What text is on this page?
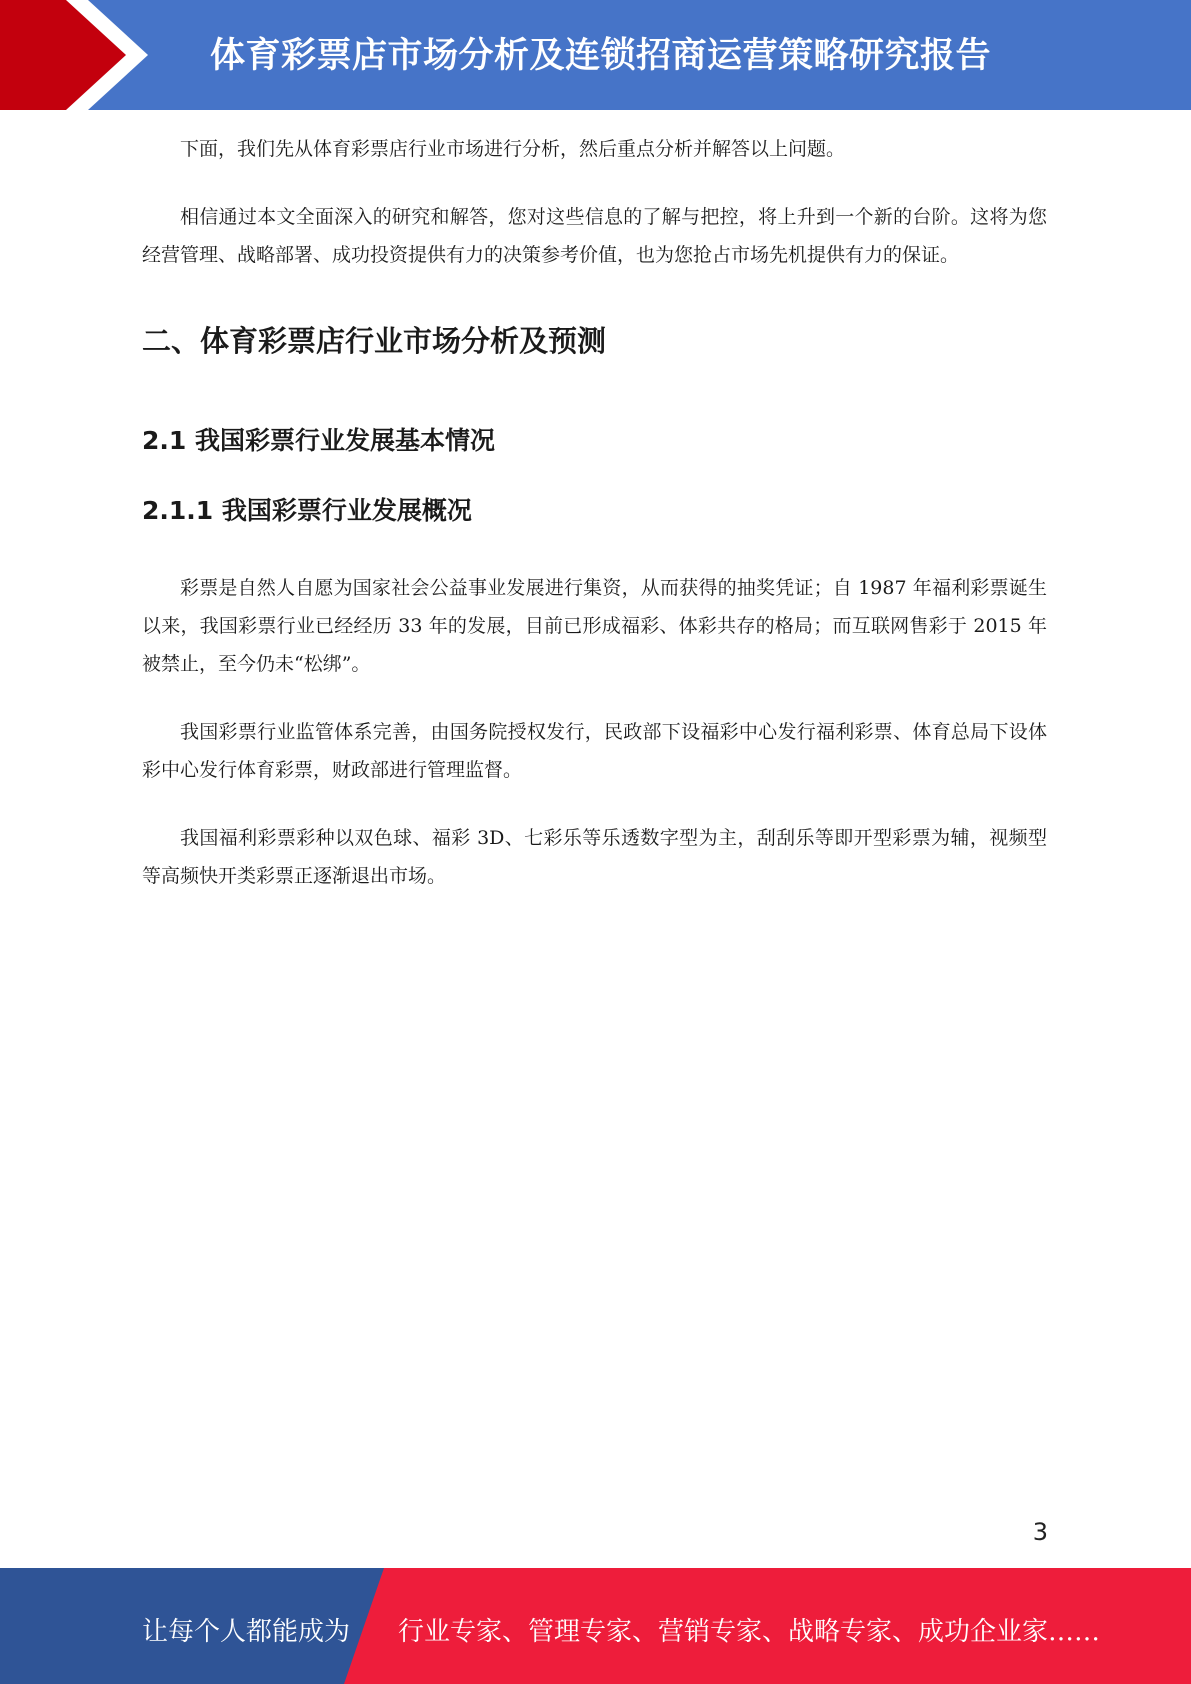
体育彩票店市场分析及连锁招商运营策略研究报告

下面，我们先从体育彩票店行业市场进行分析，然后重点分析并解答以上问题。

相信通过本文全面深入的研究和解答，您对这些信息的了解与把控，将上升到一个新的台阶。这将为您经营管理、战略部署、成功投资提供有力的决策参考价值，也为您抢占市场先机提供有力的保证。

二、体育彩票店行业市场分析及预测
2.1 我国彩票行业发展基本情况
2.1.1 我国彩票行业发展概况

彩票是自然人自愿为国家社会公益事业发展进行集资，从而获得的抽奖凭证；自 1987 年福利彩票诞生以来，我国彩票行业已经经历 33 年的发展，目前已形成福彩、体彩共存的格局；而互联网售彩于 2015 年被禁止，至今仍未“松绑”。

我国彩票行业监管体系完善，由国务院授权发行，民政部下设福彩中心发行福利彩票、体育总局下设体彩中心发行体育彩票，财政部进行管理监督。

我国福利彩票彩种以双色球、福彩 3D、七彩乐等乐透数字型为主，刮刮乐等即开型彩票为辅，视频型等高频快开类彩票正逐渐退出市场。

3
让每个人都能成为 行业专家、管理专家、营销专家、战略专家、成功企业家……
